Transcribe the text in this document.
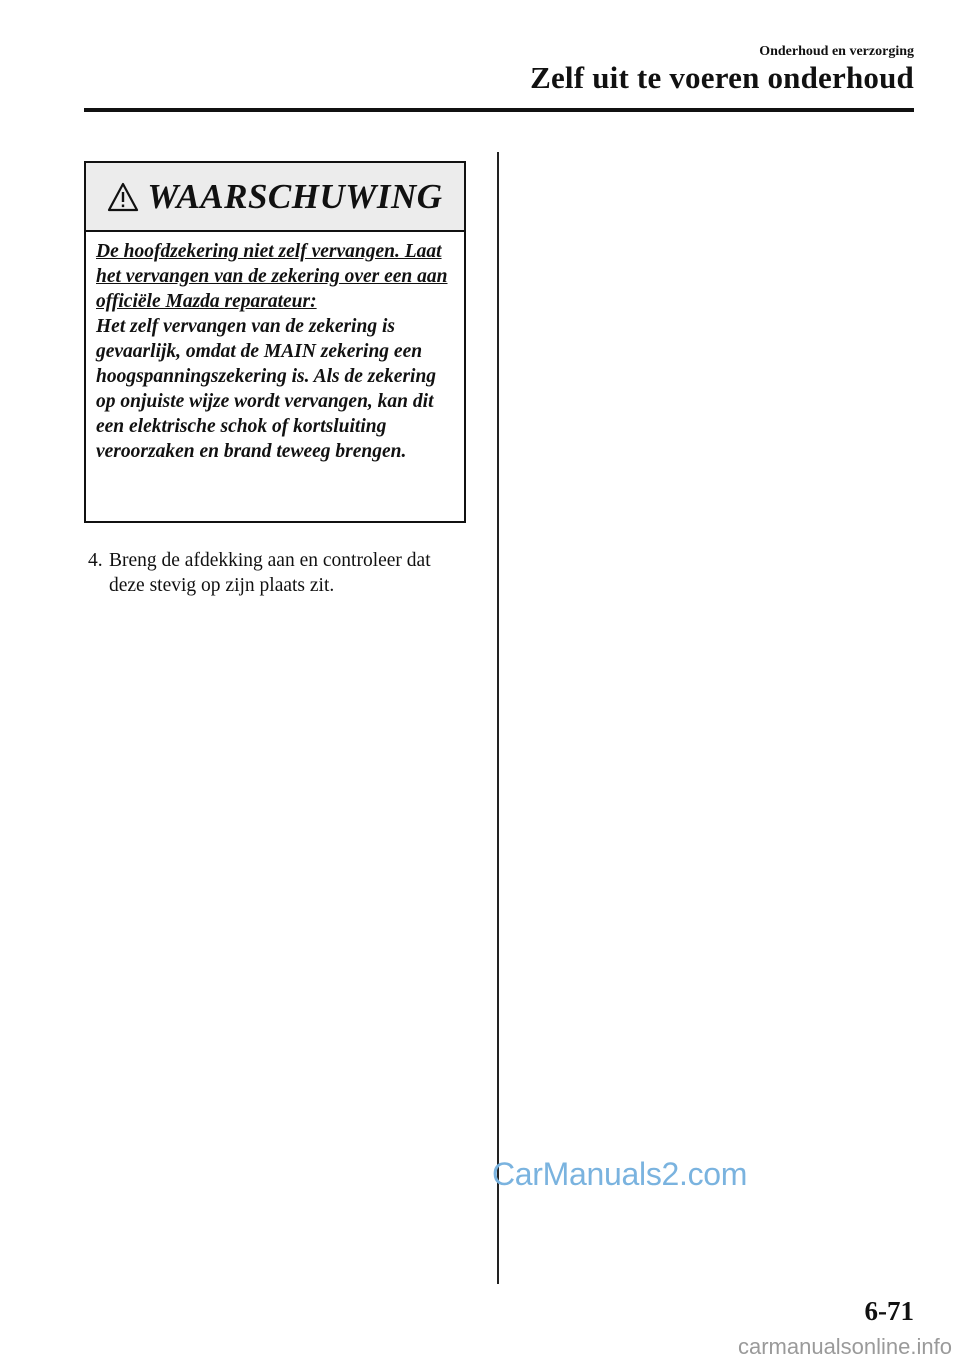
Onderhoud en verzorging
Zelf uit te voeren onderhoud
WAARSCHUWING
De hoofdzekering niet zelf vervangen. Laat het vervangen van de zekering over een aan officiële Mazda reparateur:
Het zelf vervangen van de zekering is gevaarlijk, omdat de MAIN zekering een hoogspanningszekering is. Als de zekering op onjuiste wijze wordt vervangen, kan dit een elektrische schok of kortsluiting veroorzaken en brand teweeg brengen.
4. Breng de afdekking aan en controleer dat deze stevig op zijn plaats zit.
CarManuals2.com
6-71
carmanualsonline.info
